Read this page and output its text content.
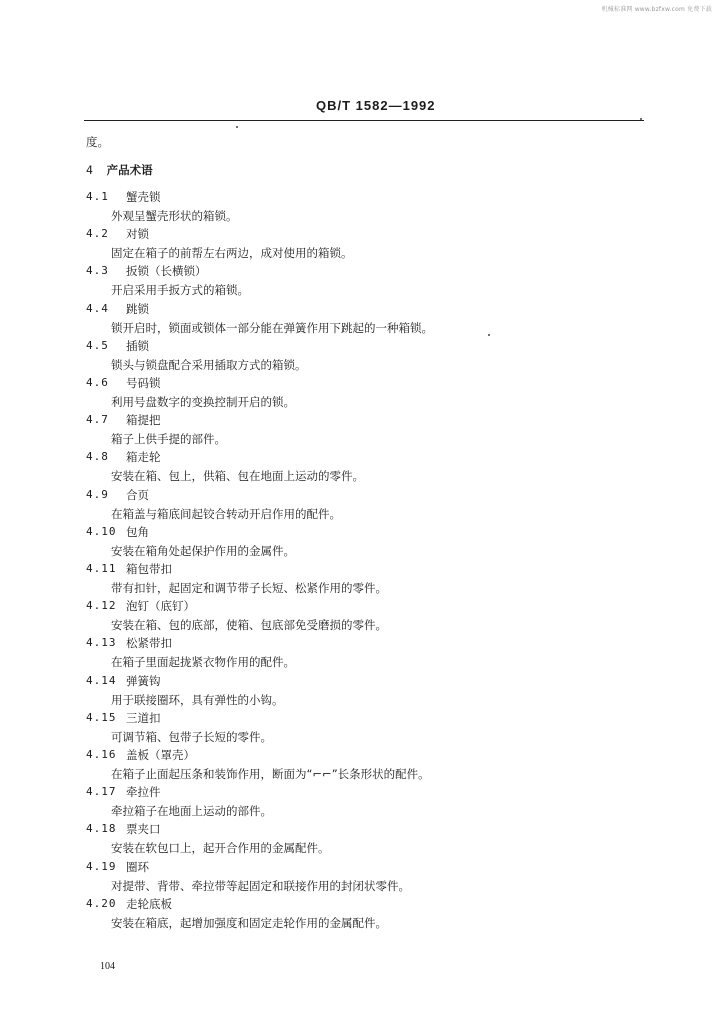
机械标准网 www.bzfxw.com 免费下载
QB/T 1582—1992
度。
4 产品术语
4.1 蟹壳锁
外观呈蟹壳形状的箱锁。
4.2 对锁
固定在箱子的前帮左右两边，成对使用的箱锁。
4.3 扳锁（长横锁）
开启采用手扳方式的箱锁。
4.4 跳锁
锁开启时，锁面或锁体一部分能在弹簧作用下跳起的一种箱锁。
4.5 插锁
锁头与锁盘配合采用插取方式的箱锁。
4.6 号码锁
利用号盘数字的变换控制开启的锁。
4.7 箱提把
箱子上供手提的部件。
4.8 箱走轮
安装在箱、包上，供箱、包在地面上运动的零件。
4.9 合页
在箱盖与箱底间起铰合转动开启作用的配件。
4.10 包角
安装在箱角处起保护作用的金属件。
4.11 箱包带扣
带有扣针，起固定和调节带子长短、松紧作用的零件。
4.12 泡钉（底钉）
安装在箱、包的底部，使箱、包底部免受磨损的零件。
4.13 松紧带扣
在箱子里面起拢紧衣物作用的配件。
4.14 弹簧钩
用于联接圈环，具有弹性的小钩。
4.15 三道扣
可调节箱、包带子长短的零件。
4.16 盖板（罩壳）
在箱子止面起压条和装饰作用，断面为“⌐⌐”长条形状的配件。
4.17 牵拉件
牵拉箱子在地面上运动的部件。
4.18 票夹口
安装在软包口上，起开合作用的金属配件。
4.19 圈环
对提带、背带、牵拉带等起固定和联接作用的封闭状零件。
4.20 走轮底板
安装在箱底，起增加强度和固定走轮作用的金属配件。
104
